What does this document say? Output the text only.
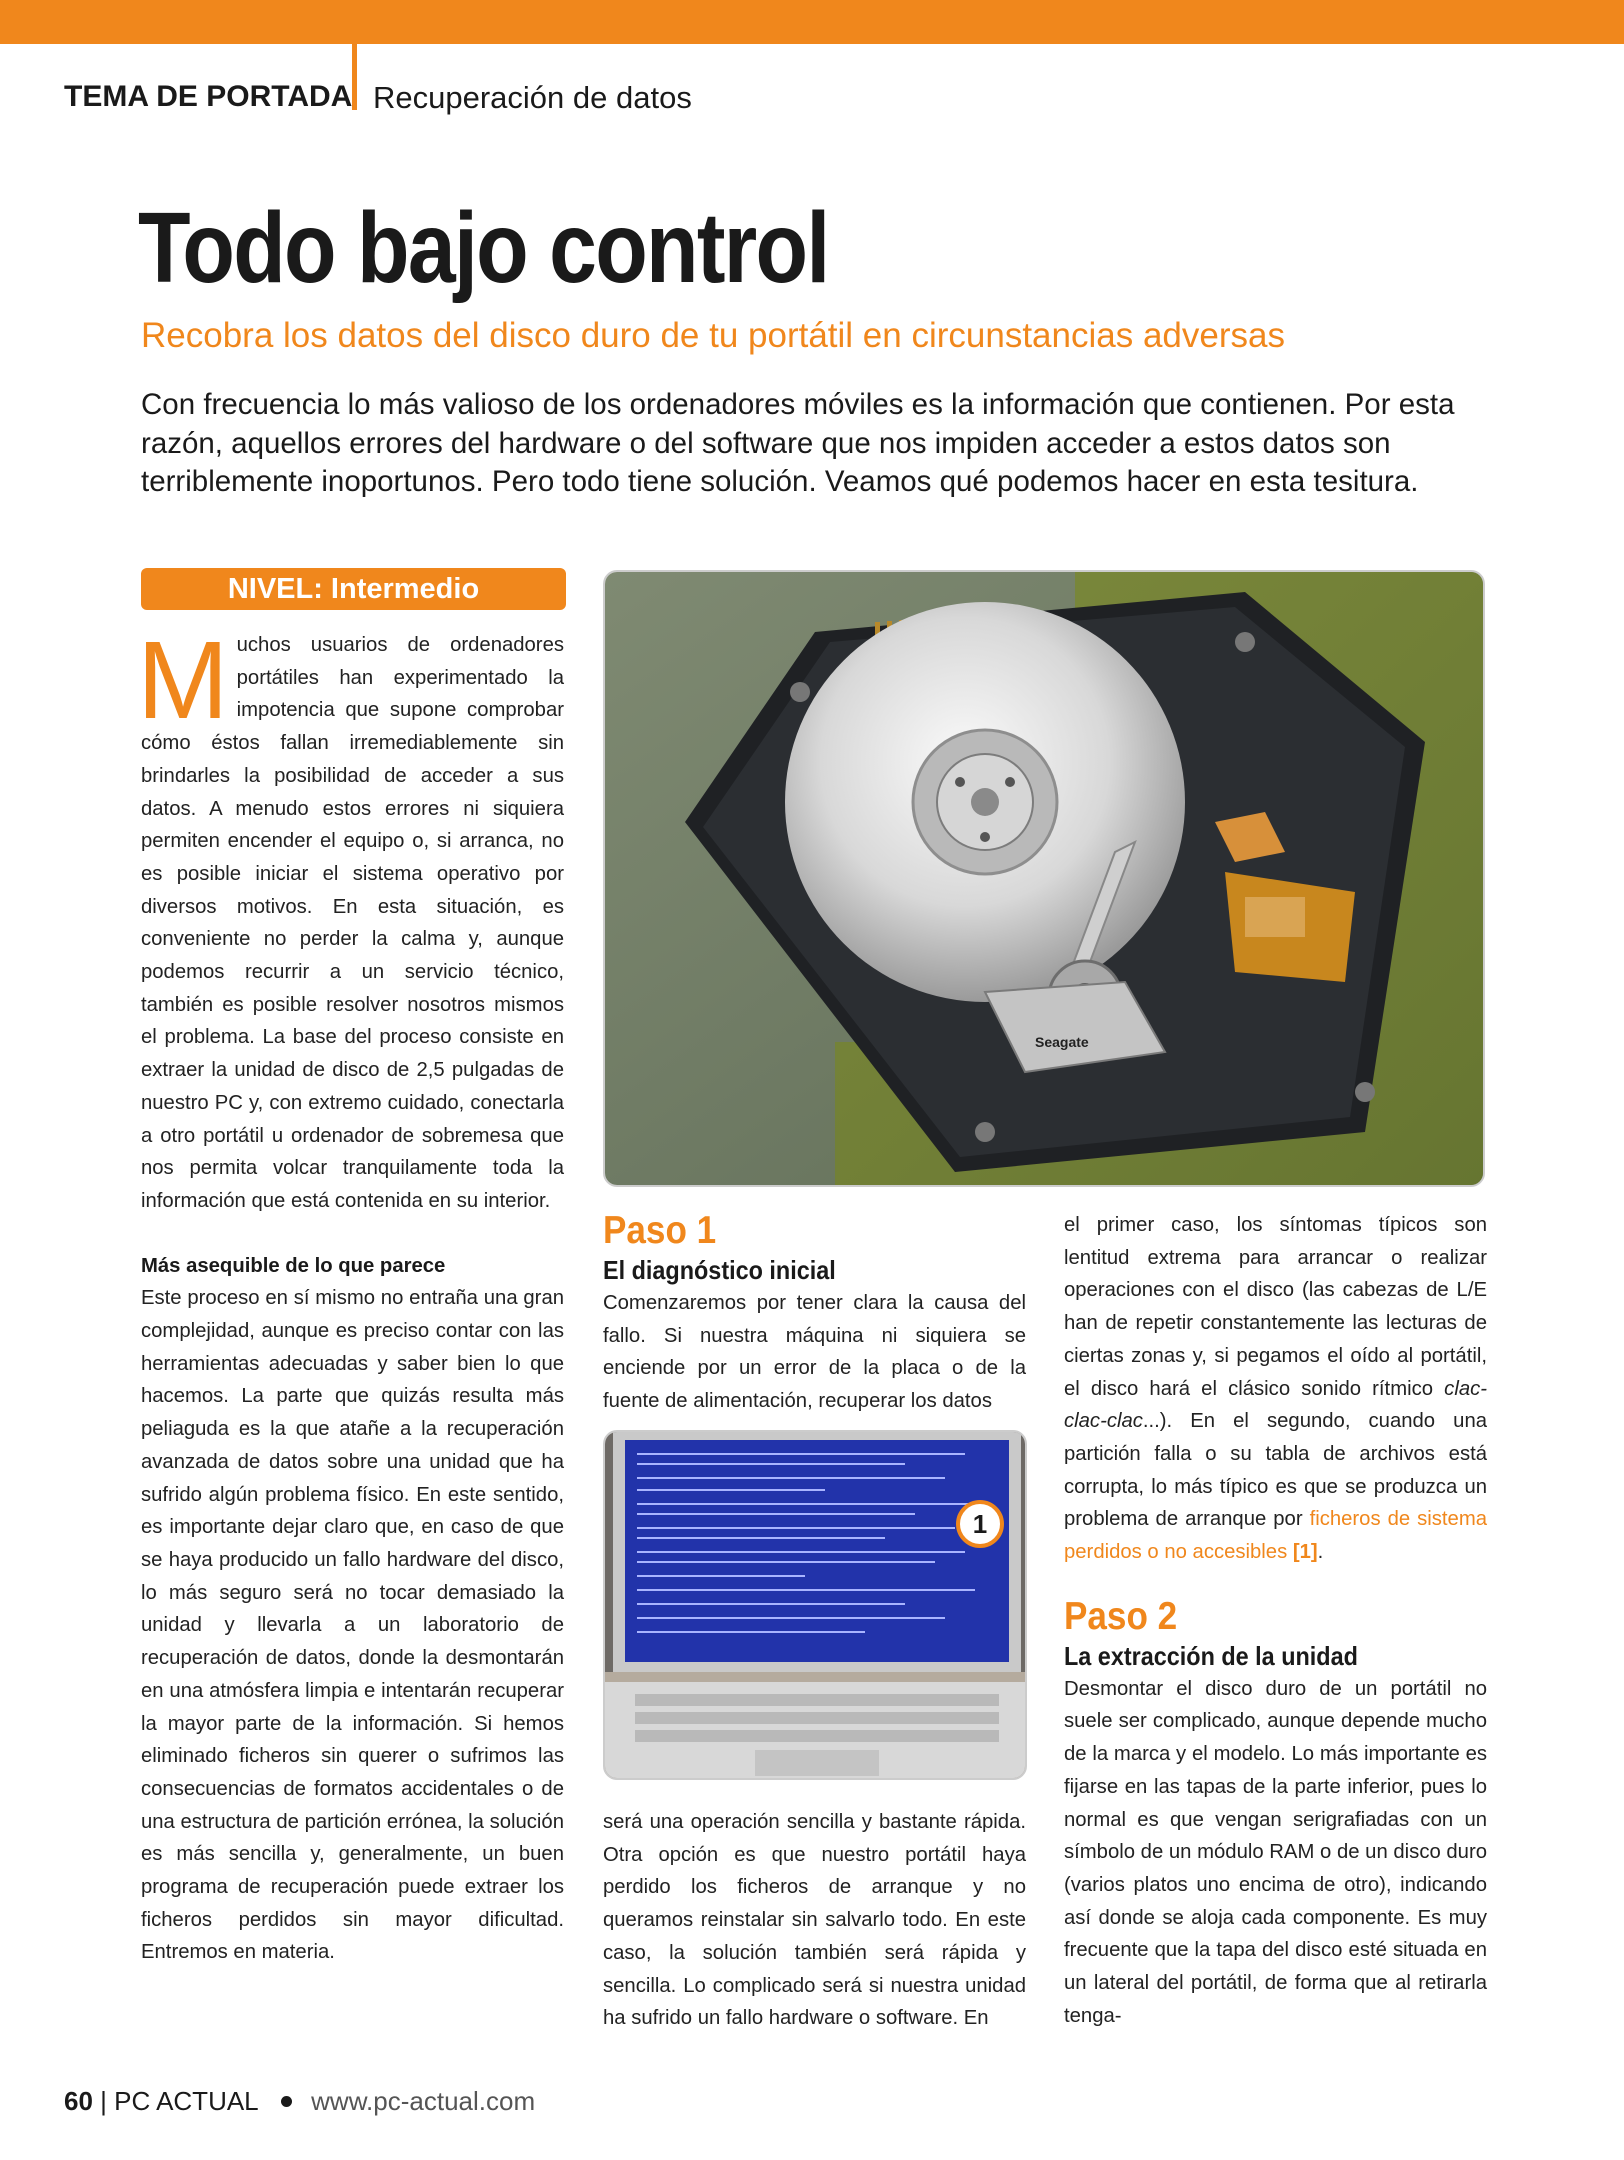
TEMA DE PORTADA Recuperación de datos
Todo bajo control
Recobra los datos del disco duro de tu portátil en circunstancias adversas
Con frecuencia lo más valioso de los ordenadores móviles es la información que contienen. Por esta razón, aquellos errores del hardware o del software que nos impiden acceder a estos datos son terriblemente inoportunos. Pero todo tiene solución. Veamos qué podemos hacer en esta tesitura.
NIVEL: Intermedio

Muchos usuarios de ordenadores portátiles han experimentado la impotencia que supone comprobar cómo éstos fallan irremediablemente sin brindarles la posibilidad de acceder a sus datos. A menudo estos errores ni siquiera permiten encender el equipo o, si arranca, no es posible iniciar el sistema operativo por diversos motivos. En esta situación, es conveniente no perder la calma y, aunque podemos recurrir a un servicio técnico, también es posible resolver nosotros mismos el problema. La base del proceso consiste en extraer la unidad de disco de 2,5 pulgadas de nuestro PC y, con extremo cuidado, conectarla a otro portátil u ordenador de sobremesa que nos permita volcar tranquilamente toda la información que está contenida en su interior.

Más asequible de lo que parece

Este proceso en sí mismo no entraña una gran complejidad, aunque es preciso contar con las herramientas adecuadas y saber bien lo que hacemos. La parte que quizás resulta más peliaguda es la que atañe a la recuperación avanzada de datos sobre una unidad que ha sufrido algún problema físico. En este sentido, es importante dejar claro que, en caso de que se haya producido un fallo hardware del disco, lo más seguro será no tocar demasiado la unidad y llevarla a un laboratorio de recuperación de datos, donde la desmontarán en una atmósfera limpia e intentarán recuperar la mayor parte de la información. Si hemos eliminado ficheros sin querer o sufrimos las consecuencias de formatos accidentales o de una estructura de partición errónea, la solución es más sencilla y, generalmente, un buen programa de recuperación puede extraer los ficheros perdidos sin mayor dificultad. Entremos en materia.

Seagate
Paso 1
El diagnóstico inicial

Comenzaremos por tener clara la causa del fallo. Si nuestra máquina ni siquiera se enciende por un error de la placa o de la fuente de alimentación, recuperar los datos

1

será una operación sencilla y bastante rápida. Otra opción es que nuestro portátil haya perdido los ficheros de arranque y no queramos reinstalar sin salvarlo todo. En este caso, la solución también será rápida y sencilla. Lo complicado será si nuestra unidad ha sufrido un fallo hardware o software. En

el primer caso, los síntomas típicos son lentitud extrema para arrancar o realizar operaciones con el disco (las cabezas de L/E han de repetir constantemente las lecturas de ciertas zonas y, si pegamos el oído al portátil, el disco hará el clásico sonido rítmico clac-clac-clac...). En el segundo, cuando una partición falla o su tabla de archivos está corrupta, lo más típico es que se produzca un problema de arranque por ficheros de sistema perdidos o no accesibles [1].

Paso 2
La extracción de la unidad

Desmontar el disco duro de un portátil no suele ser complicado, aunque depende mucho de la marca y el modelo. Lo más importante es fijarse en las tapas de la parte inferior, pues lo normal es que vengan serigrafiadas con un símbolo de un módulo RAM o de un disco duro (varios platos uno encima de otro), indicando así donde se aloja cada componente. Es muy frecuente que la tapa del disco esté situada en un lateral del portátil, de forma que al retirarla tenga-

60 | PC ACTUAL www.pc-actual.com
